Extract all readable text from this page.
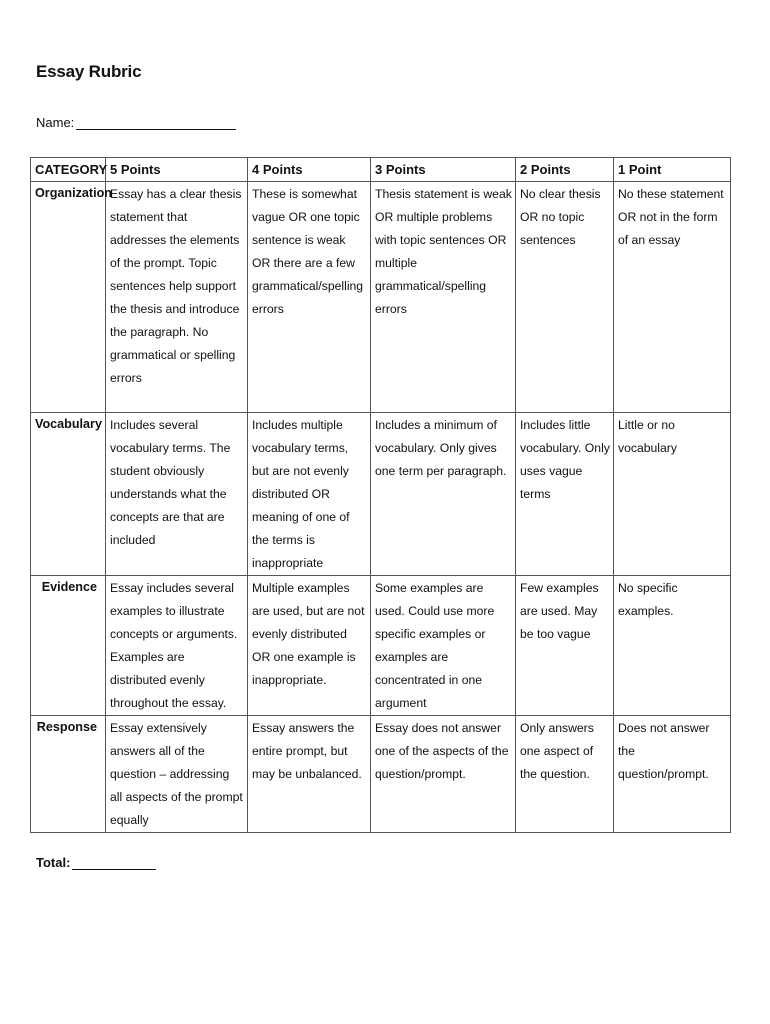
Essay Rubric
Name:
CATEGORY	5 Points	4 Points	3 Points	2 Points	1 Point
Organization	Essay has a clear thesis statement that addresses the elements of the prompt. Topic sentences help support the thesis and introduce the paragraph. No grammatical or spelling errors	These is somewhat vague OR one topic sentence is weak OR there are a few grammatical/spelling errors	Thesis statement is weak OR multiple problems with topic sentences OR multiple grammatical/spelling errors	No clear thesis OR no topic sentences	No these statement OR not in the form of an essay
Vocabulary	Includes several vocabulary terms. The student obviously understands what the concepts are that are included	Includes multiple vocabulary terms, but are not evenly distributed OR meaning of one of the terms is inappropriate	Includes a minimum of vocabulary. Only gives one term per paragraph.	Includes little vocabulary. Only uses vague terms	Little or no vocabulary
Evidence	Essay includes several examples to illustrate concepts or arguments. Examples are distributed evenly throughout the essay.	Multiple examples are used, but are not evenly distributed OR one example is inappropriate.	Some examples are used. Could use more specific examples or examples are concentrated in one argument	Few examples are used. May be too vague	No specific examples.
Response	Essay extensively answers all of the question – addressing all aspects of the prompt equally	Essay answers the entire prompt, but may be unbalanced.	Essay does not answer one of the aspects of the question/prompt.	Only answers one aspect of the question.	Does not answer the question/prompt.
Total:
